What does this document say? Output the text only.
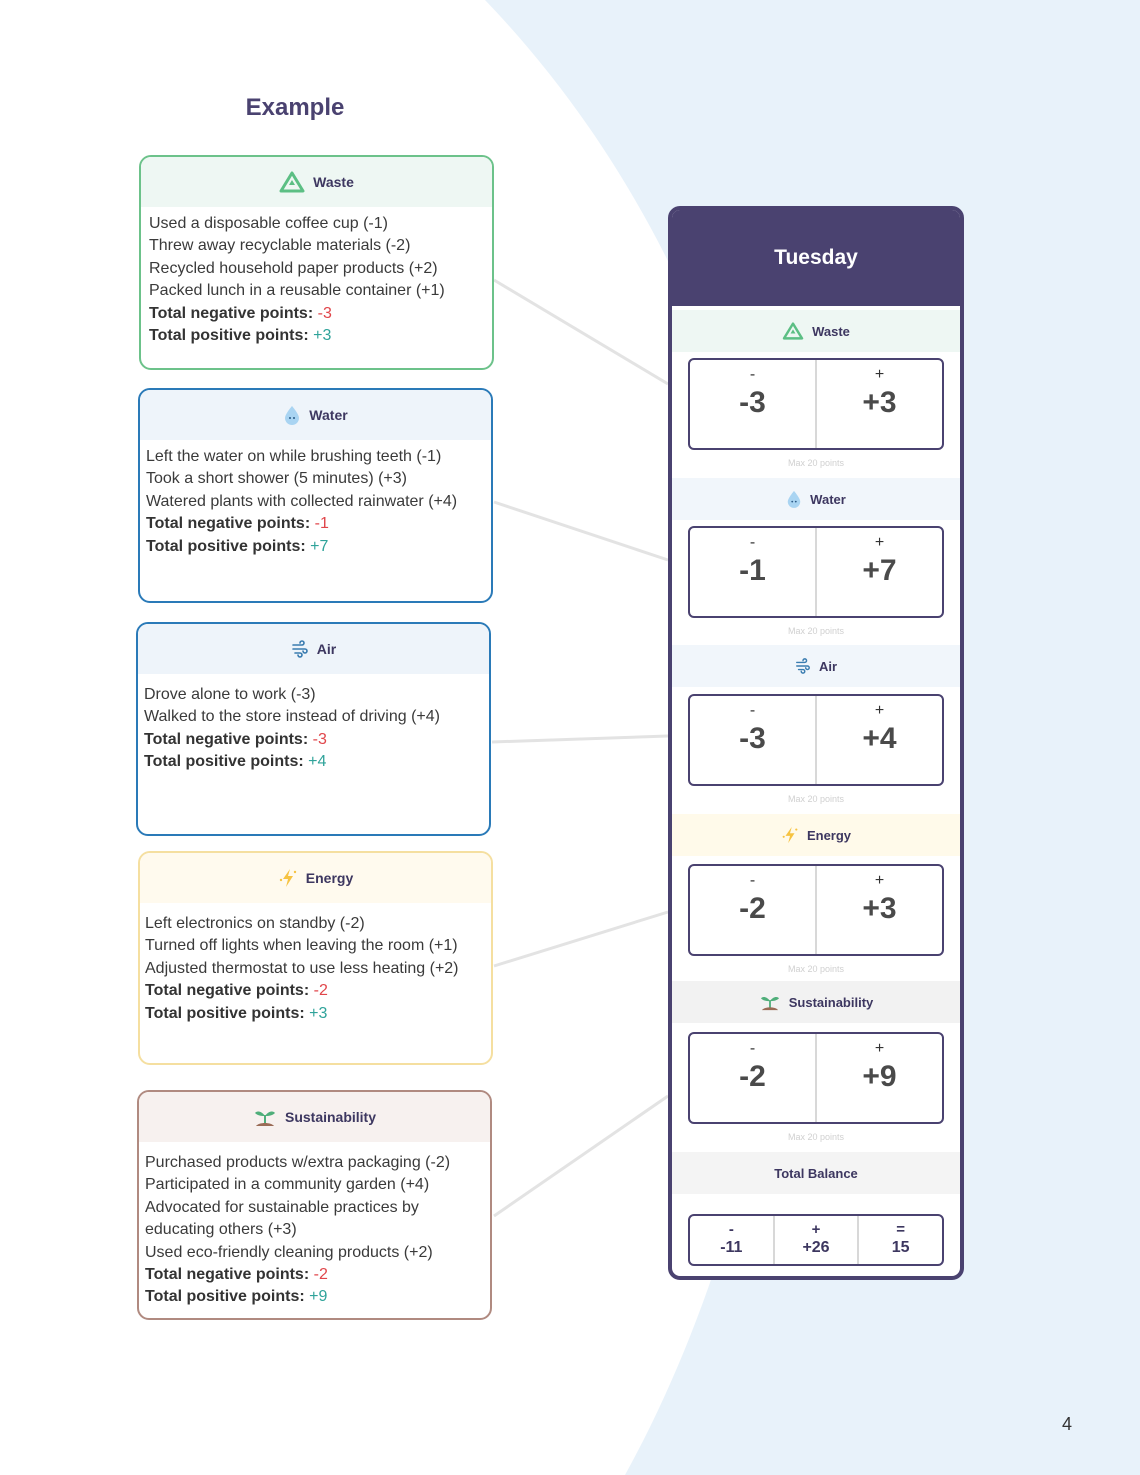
Example
Waste
Used a disposable coffee cup (-1)
Threw away recyclable materials (-2)
Recycled household paper products (+2)
Packed lunch in a reusable container (+1)
Total negative points: -3
Total positive points: +3
Water
Left the water on while brushing teeth (-1)
Took a short shower (5 minutes) (+3)
Watered plants with collected rainwater (+4)
Total negative points: -1
Total positive points: +7
Air
Drove alone to work (-3)
Walked to the store instead of driving (+4)
Total negative points: -3
Total positive points: +4
Energy
Left electronics on standby (-2)
Turned off lights when leaving the room (+1)
Adjusted thermostat to use less heating (+2)
Total negative points: -2
Total positive points: +3
Sustainability
Purchased products w/extra packaging (-2)
Participated in a community garden (+4)
Advocated for sustainable practices by educating others (+3)
Used eco-friendly cleaning products (+2)
Total negative points: -2
Total positive points: +9
Tuesday
Waste
-
-3
+
+3
Max 20 points
Water
-
-1
+
+7
Max 20 points
Air
-
-3
+
+4
Max 20 points
Energy
-
-2
+
+3
Max 20 points
Sustainability
-
-2
+
+9
Max 20 points
Total Balance
-
-11
+
+26
=
15
4
